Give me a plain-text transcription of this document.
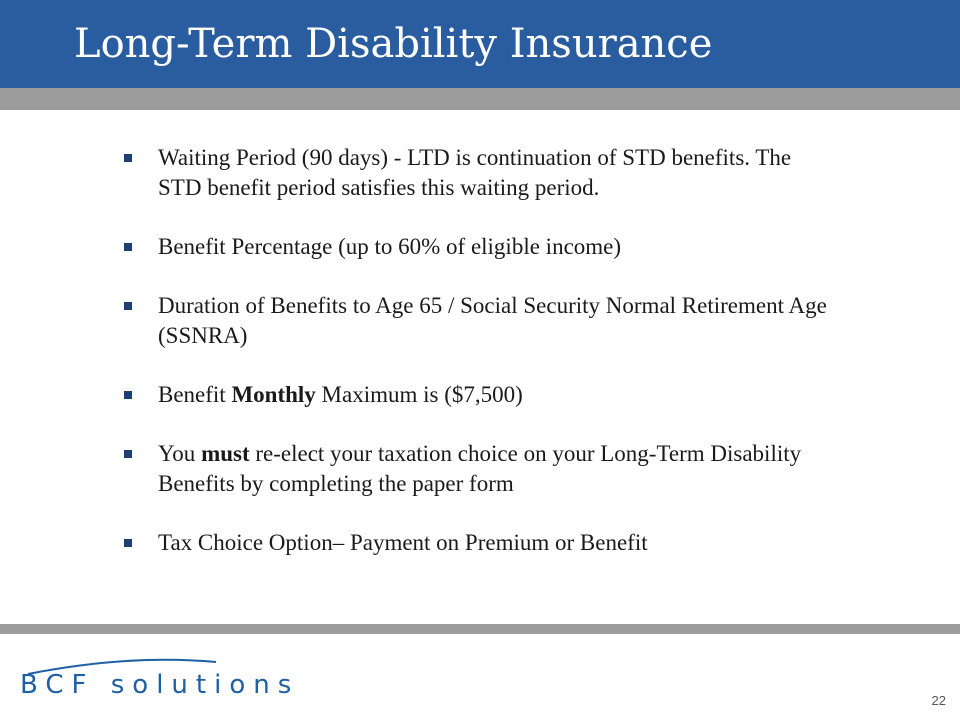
Long-Term Disability Insurance
Waiting Period (90 days) - LTD is continuation of STD benefits. The STD benefit period satisfies this waiting period.
Benefit Percentage (up to 60% of eligible income)
Duration of Benefits to Age 65 / Social Security Normal Retirement Age (SSNRA)
Benefit Monthly Maximum is ($7,500)
You must re-elect your taxation choice on your Long-Term Disability Benefits by completing the paper form
Tax Choice Option– Payment on Premium or Benefit
BCF solutions
22
